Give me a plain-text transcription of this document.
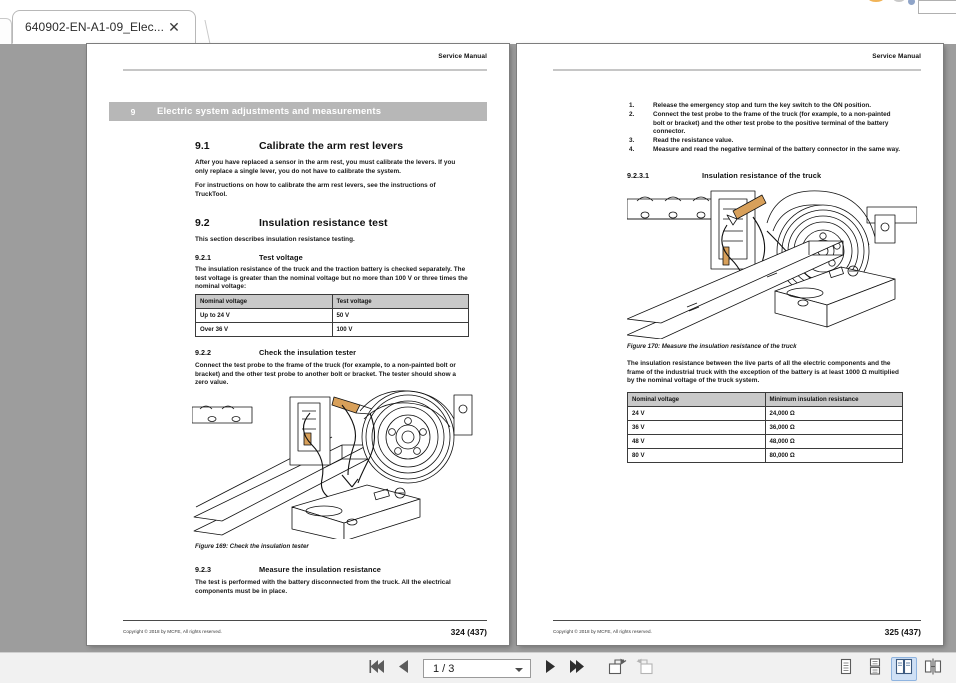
640902-EN-A1-09_Elec... ✕
Service Manual
9	Electric system adjustments and measurements
9.1	Calibrate the arm rest levers
After you have replaced a sensor in the arm rest, you must calibrate the levers. If you only replace a single lever, you do not have to calibrate the system.
For instructions on how to calibrate the arm rest levers, see the instructions of TruckTool.
9.2	Insulation resistance test
This section describes insulation resistance testing.
9.2.1	Test voltage
The insulation resistance of the truck and the traction battery is checked separately. The test voltage is greater than the nominal voltage but no more than 100 V or three times the nominal voltage:
Nominal voltage	Test voltage
Up to 24 V	50 V
Over 36 V	100 V
9.2.2	Check the insulation tester
Connect the test probe to the frame of the truck (for example, to a non-painted bolt or bracket) and the other test probe to another bolt or bracket. The tester should show a zero value.
Figure 169: Check the insulation tester
9.2.3	Measure the insulation resistance
The test is performed with the battery disconnected from the truck. All the electrical components must be in place.
Copyright © 2018 by MCFE, All rights reserved.	324 (437)
Service Manual
1.	Release the emergency stop and turn the key switch to the ON position.
2.	Connect the test probe to the frame of the truck (for example, to a non-painted bolt or bracket) and the other test probe to the positive terminal of the battery connector.
3.	Read the resistance value.
4.	Measure and read the negative terminal of the battery connector in the same way.
9.2.3.1	Insulation resistance of the truck
Figure 170: Measure the insulation resistance of the truck
The insulation resistance between the live parts of all the electric components and the frame of the industrial truck with the exception of the battery is at least 1000 Ω multiplied by the nominal voltage of the truck system.
Nominal voltage	Minimum insulation resistance
24 V	24,000 Ω
36 V	36,000 Ω
48 V	48,000 Ω
80 V	80,000 Ω
Copyright © 2018 by MCFE, All rights reserved.	325 (437)
1 / 3
